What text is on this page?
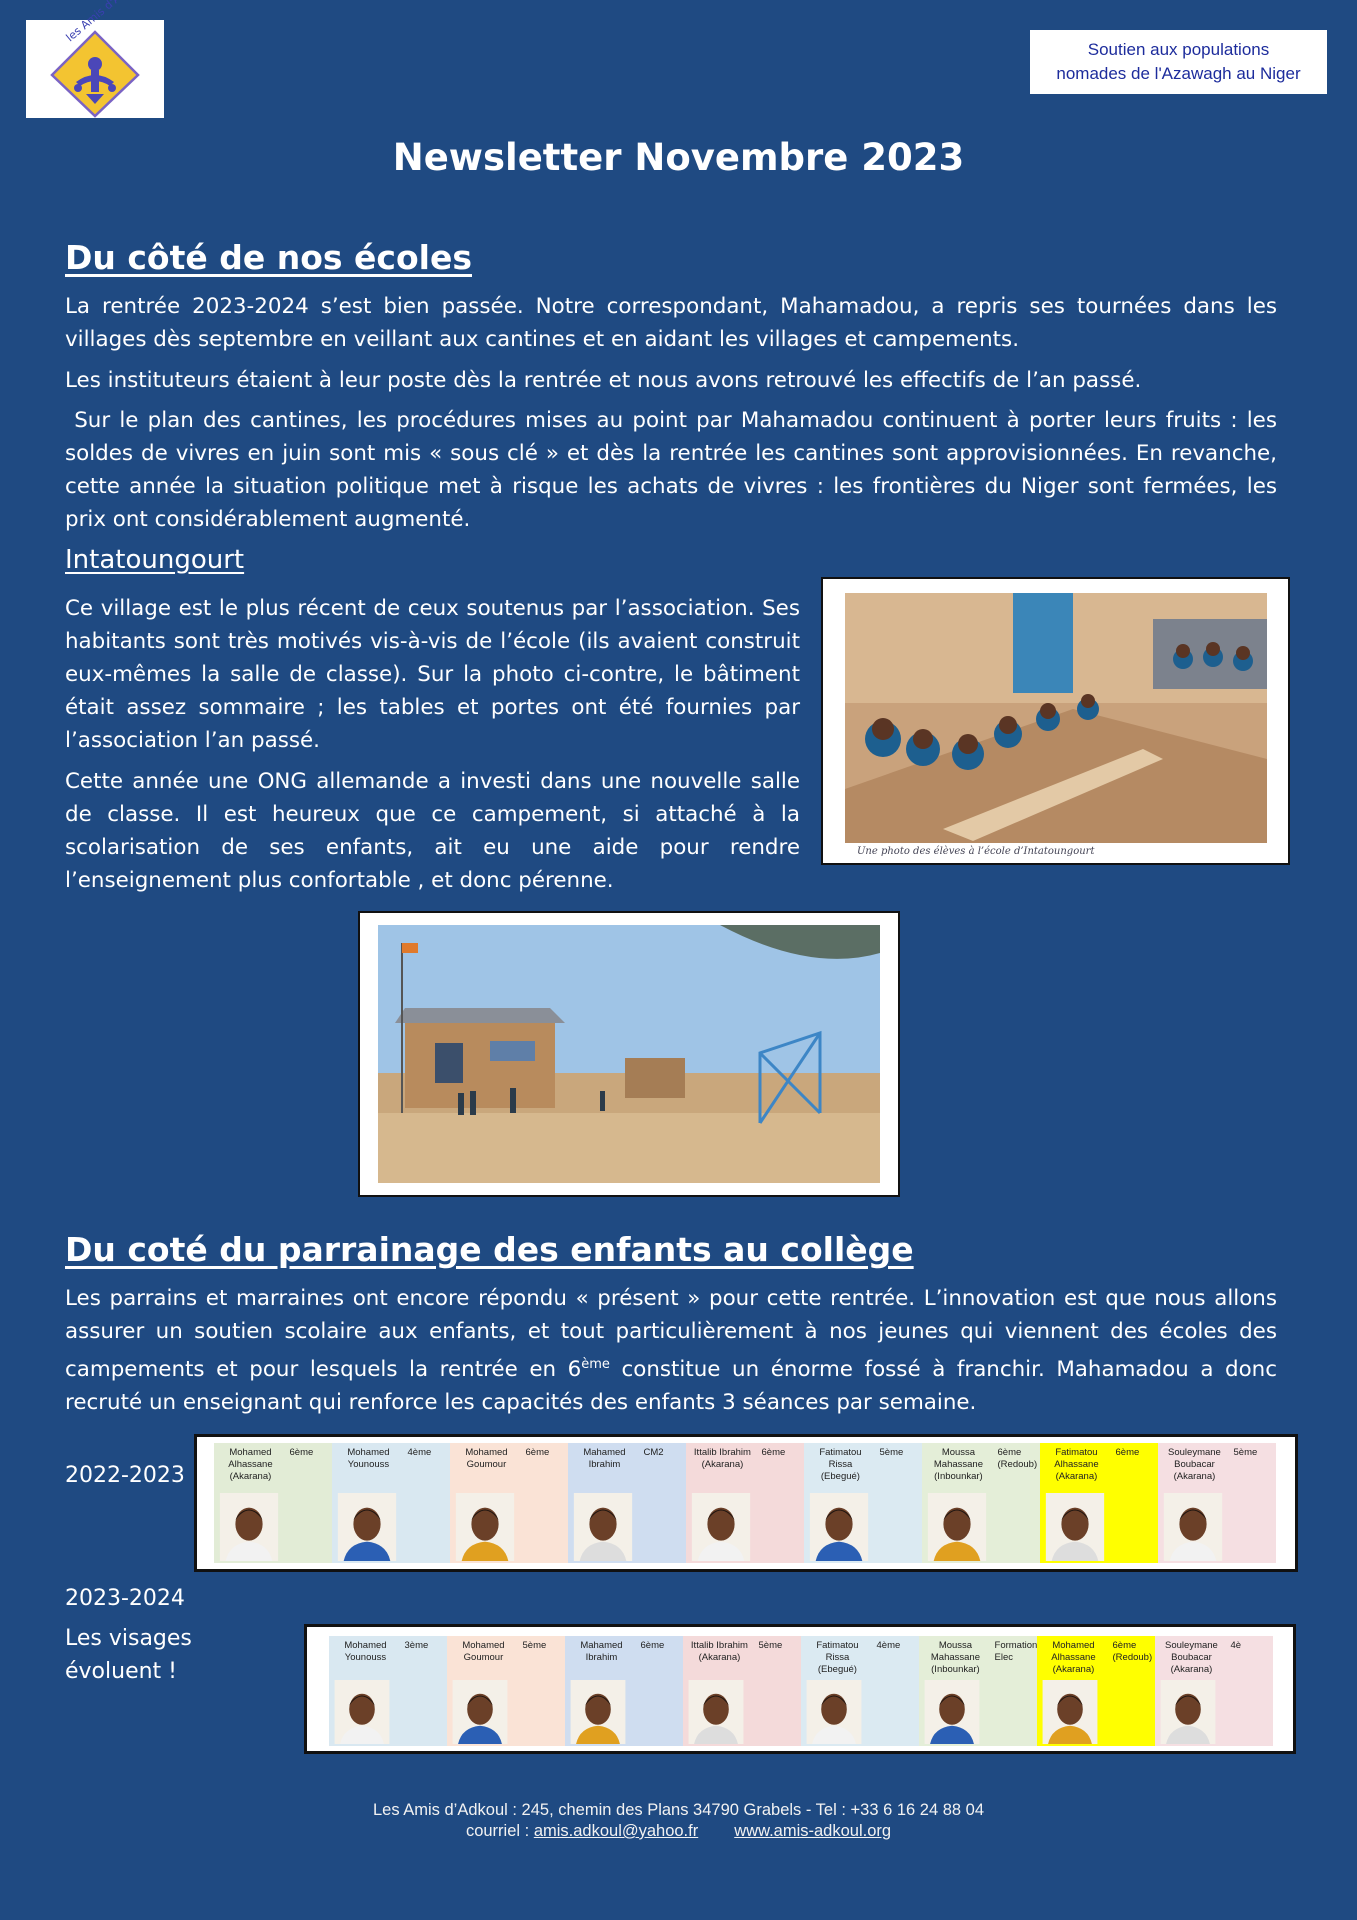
Soutien aux populations
nomades de l'Azawagh au Niger
Newsletter Novembre 2023
Du côté de nos écoles

La rentrée 2023-2024 s’est bien passée. Notre correspondant, Mahamadou, a repris ses tournées dans les villages dès septembre en veillant aux cantines et en aidant les villages et campements.

Les instituteurs étaient à leur poste dès la rentrée et nous avons retrouvé les effectifs de l’an passé.

Sur le plan des cantines, les procédures mises au point par Mahamadou continuent à porter leurs fruits : les soldes de vivres en juin sont mis « sous clé » et dès la rentrée les cantines sont approvisionnées. En revanche, cette année la situation politique met à risque les achats de vivres : les frontières du Niger sont fermées, les prix ont considérablement augmenté.

Intatoungourt

Ce village est le plus récent de ceux soutenus par l’association. Ses habitants sont très motivés vis-à-vis de l’école (ils avaient construit eux-mêmes la salle de classe). Sur la photo ci-contre, le bâtiment était assez sommaire ; les tables et portes ont été fournies par l’association l’an passé.

Cette année une ONG allemande a investi dans une nouvelle salle de classe. Il est heureux que ce campement, si attaché à la scolarisation de ses enfants, ait eu une aide pour rendre l’enseignement plus confortable , et donc pérenne.

Une photo des élèves à l’école d’Intatoungourt
Du coté du parrainage des enfants au collège

Les parrains et marraines ont encore répondu « présent » pour cette rentrée. L’innovation est que nous allons assurer un soutien scolaire aux enfants, et tout particulièrement à nos jeunes qui viennent des écoles des campements et pour lesquels la rentrée en 6ème constitue un énorme fossé à franchir. Mahamadou a donc recruté un enseignant qui renforce les capacités des enfants 3 séances par semaine.

2022-2023
2023-2024
Les visages
évoluent !
Mohamed
Alhassane
(Akarana)
6ème	Mohamed
Younouss
4ème	Mohamed
Goumour
6ème	Mahamed
Ibrahim
CM2	Ittalib Ibrahim
(Akarana)
6ème	Fatimatou Rissa
(Ebegué)
5ème	Moussa
Mahassane
(Inbounkar)
6ème
(Redoub)
Fatimatou
Alhassane
(Akarana)
6ème	Souleymane
Boubacar
(Akarana)
5ème
Mohamed
Younouss
3ème	Mohamed
Goumour
5ème	Mahamed
Ibrahim
6ème	Ittalib Ibrahim
(Akarana)
5ème	Fatimatou
Rissa
(Ebegué)
4ème	Moussa
Mahassane
(Inbounkar)
Formation
Elec
Mohamed
Alhassane
(Akarana)
6ème
(Redoub)
Souleymane
Boubacar
(Akarana)
4è
Les Amis d’Adkoul : 245, chemin des Plans 34790 Grabels - Tel : +33 6 16 24 88 04
courriel : amis.adkoul@yahoo.fr www.amis-adkoul.org
